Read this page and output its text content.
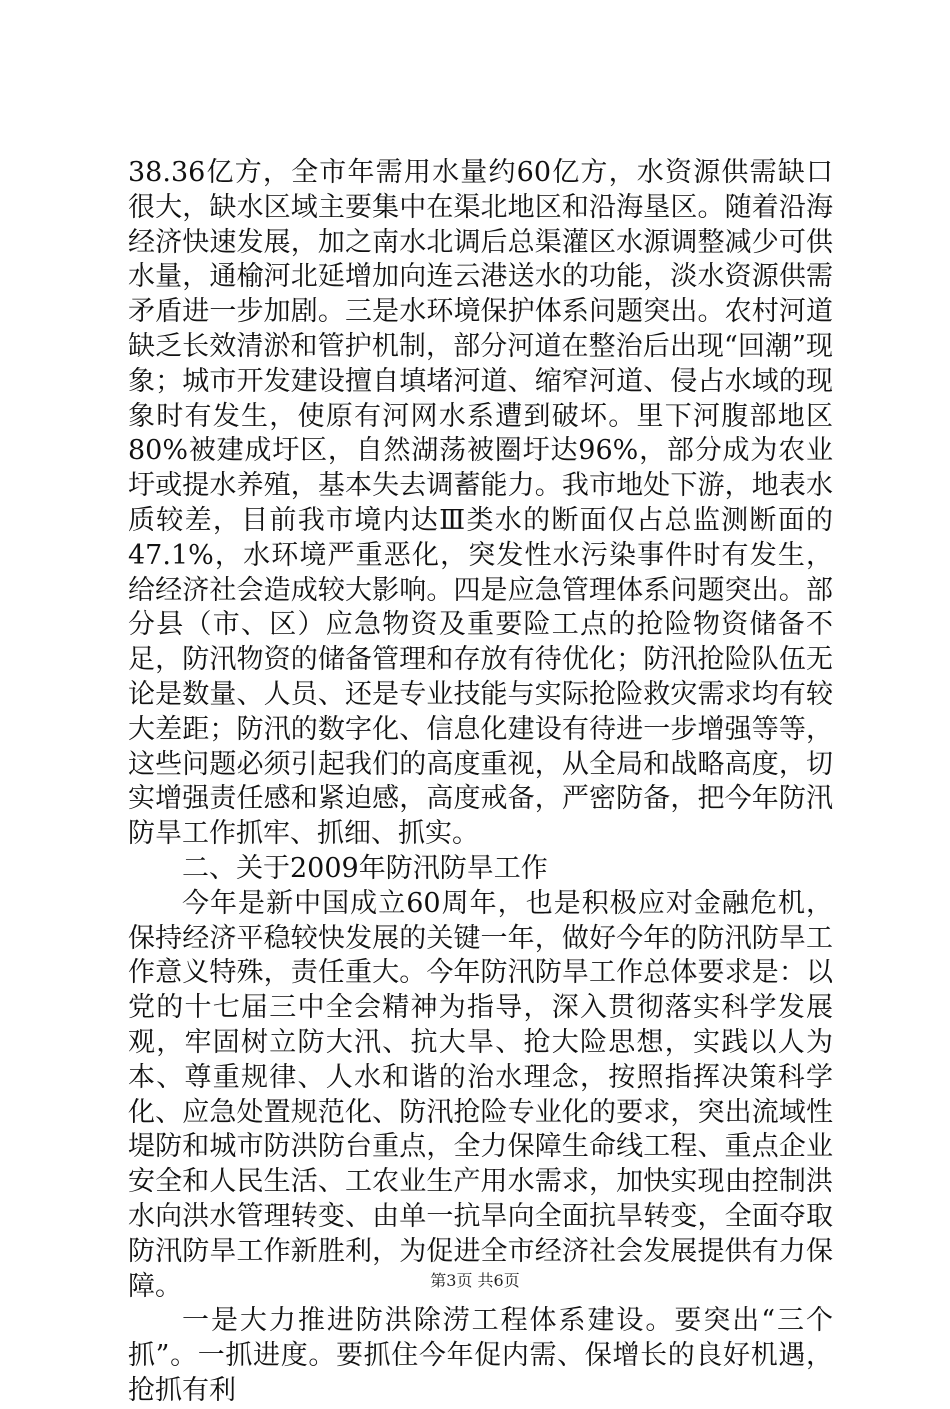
38.36亿方，全市年需用水量约60亿方，水资源供需缺口很大，缺水区域主要集中在渠北地区和沿海垦区。随着沿海经济快速发展，加之南水北调后总渠灌区水源调整减少可供水量，通榆河北延增加向连云港送水的功能，淡水资源供需矛盾进一步加剧。三是水环境保护体系问题突出。农村河道缺乏长效清淤和管护机制，部分河道在整治后出现“回潮”现象；城市开发建设擅自填堵河道、缩窄河道、侵占水域的现象时有发生，使原有河网水系遭到破坏。里下河腹部地区80%被建成圩区，自然湖荡被圈圩达96%，部分成为农业圩或提水养殖，基本失去调蓄能力。我市地处下游，地表水质较差，目前我市境内达Ⅲ类水的断面仅占总监测断面的47.1%，水环境严重恶化，突发性水污染事件时有发生，给经济社会造成较大影响。四是应急管理体系问题突出。部分县（市、区）应急物资及重要险工点的抢险物资储备不足，防汛物资的储备管理和存放有待优化；防汛抢险队伍无论是数量、人员、还是专业技能与实际抢险救灾需求均有较大差距；防汛的数字化、信息化建设有待进一步增强等等，这些问题必须引起我们的高度重视，从全局和战略高度，切实增强责任感和紧迫感，高度戒备，严密防备，把今年防汛防旱工作抓牢、抓细、抓实。

二、关于2009年防汛防旱工作

今年是新中国成立60周年，也是积极应对金融危机，保持经济平稳较快发展的关键一年，做好今年的防汛防旱工作意义特殊，责任重大。今年防汛防旱工作总体要求是：以党的十七届三中全会精神为指导，深入贯彻落实科学发展观，牢固树立防大汛、抗大旱、抢大险思想，实践以人为本、尊重规律、人水和谐的治水理念，按照指挥决策科学化、应急处置规范化、防汛抢险专业化的要求，突出流域性堤防和城市防洪防台重点，全力保障生命线工程、重点企业安全和人民生活、工农业生产用水需求，加快实现由控制洪水向洪水管理转变、由单一抗旱向全面抗旱转变，全面夺取防汛防旱工作新胜利，为促进全市经济社会发展提供有力保障。

一是大力推进防洪除涝工程体系建设。要突出“三个抓”。一抓进度。要抓住今年促内需、保增长的良好机遇，抢抓有利

第3页 共6页
